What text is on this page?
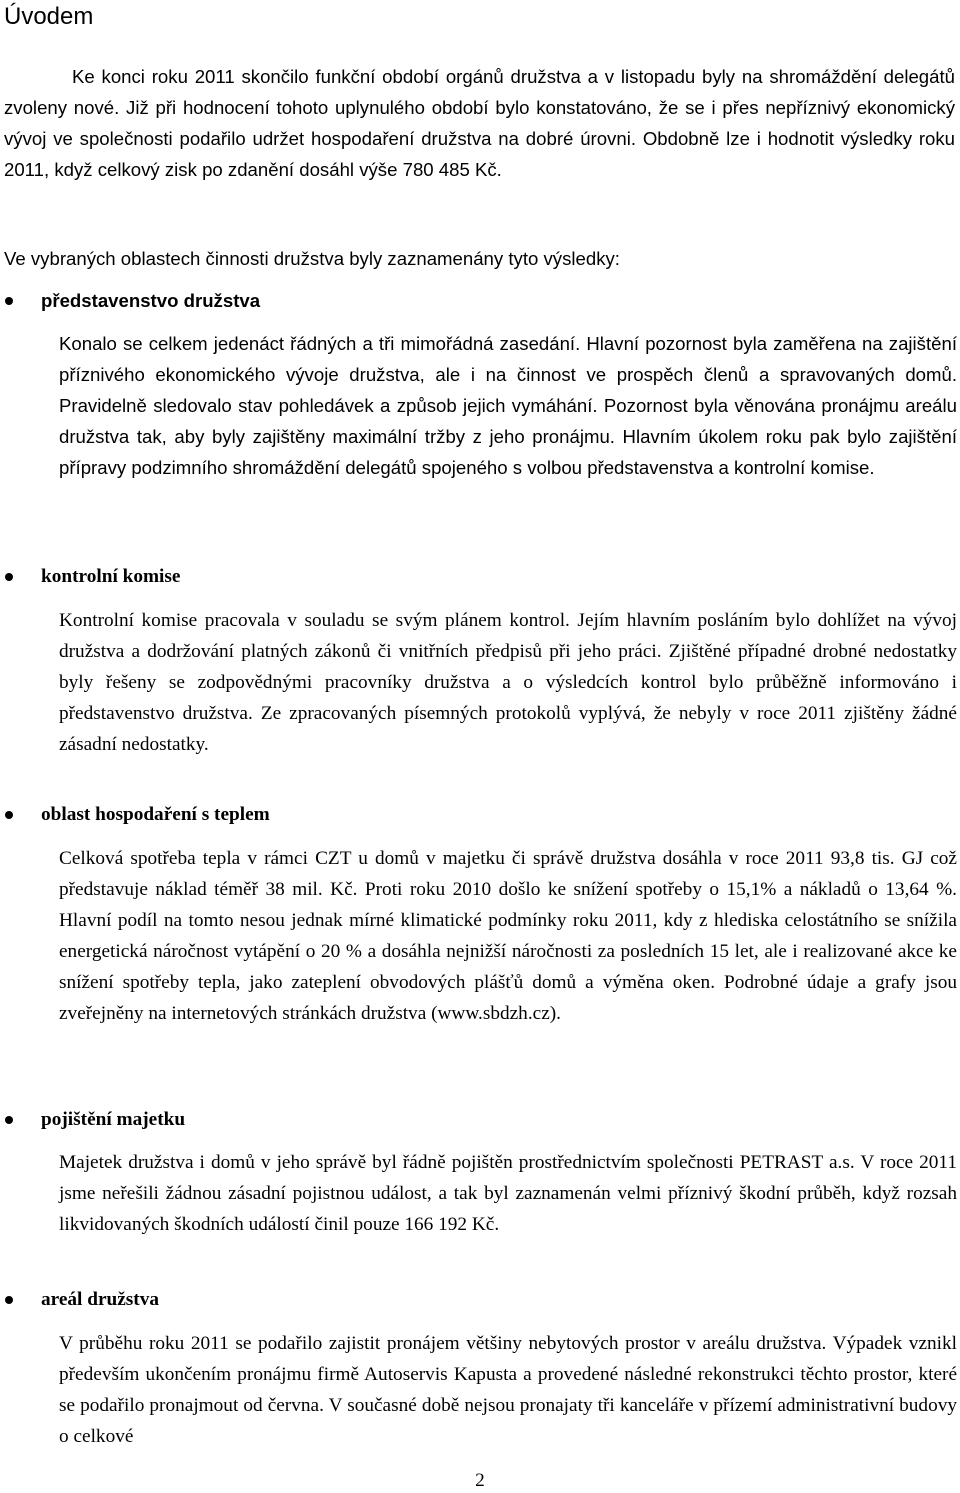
Úvodem

Ke konci roku 2011 skončilo funkční období orgánů družstva a v listopadu byly na shromáždění delegátů zvoleny nové. Již při hodnocení tohoto uplynulého období bylo konstatováno, že se i přes nepříznivý ekonomický vývoj ve společnosti podařilo udržet hospodaření družstva na dobré úrovni. Obdobně lze i hodnotit výsledky roku 2011, když celkový zisk po zdanění dosáhl výše 780 485 Kč.

Ve vybraných oblastech činnosti družstva byly zaznamenány tyto výsledky:

představenstvo družstva

Konalo se celkem jedenáct řádných a tři mimořádná zasedání. Hlavní pozornost byla zaměřena na zajištění příznivého ekonomického vývoje družstva, ale i na činnost ve prospěch členů a spravovaných domů. Pravidelně sledovalo stav pohledávek a způsob jejich vymáhání. Pozornost byla věnována pronájmu areálu družstva tak, aby byly zajištěny maximální tržby z jeho pronájmu. Hlavním úkolem roku pak bylo zajištění přípravy podzimního shromáždění delegátů spojeného s volbou představenstva a kontrolní komise.

kontrolní komise

Kontrolní komise pracovala v souladu se svým plánem kontrol. Jejím hlavním posláním bylo dohlížet na vývoj družstva a dodržování platných zákonů či vnitřních předpisů při jeho práci. Zjištěné případné drobné nedostatky byly řešeny se zodpovědnými pracovníky družstva a o výsledcích kontrol bylo průběžně informováno i představenstvo družstva. Ze zpracovaných písemných protokolů vyplývá, že nebyly v roce 2011 zjištěny žádné zásadní nedostatky.

oblast hospodaření s teplem

Celková spotřeba tepla v rámci CZT u domů v majetku či správě družstva dosáhla v roce 2011 93,8 tis. GJ což představuje náklad téměř 38 mil. Kč. Proti roku 2010 došlo ke snížení spotřeby o 15,1% a nákladů o 13,64 %. Hlavní podíl na tomto nesou jednak mírné klimatické podmínky roku 2011, kdy z hlediska celostátního se snížila energetická náročnost vytápění o 20 % a dosáhla nejnižší náročnosti za posledních 15 let, ale i realizované akce ke snížení spotřeby tepla, jako zateplení obvodových plášťů domů a výměna oken. Podrobné údaje a grafy jsou zveřejněny na internetových stránkách družstva (www.sbdzh.cz).

pojištění majetku

Majetek družstva i domů v jeho správě byl řádně pojištěn prostřednictvím společnosti PETRAST a.s. V roce 2011 jsme neřešili žádnou zásadní pojistnou událost, a tak byl zaznamenán velmi příznivý škodní průběh, když rozsah likvidovaných škodních událostí činil pouze 166 192 Kč.

areál družstva

V průběhu roku 2011 se podařilo zajistit pronájem většiny nebytových prostor v areálu družstva. Výpadek vznikl především ukončením pronájmu firmě Autoservis Kapusta a provedené následné rekonstrukci těchto prostor, které se podařilo pronajmout od června. V současné době nejsou pronajaty tři kanceláře v přízemí administrativní budovy o celkové

2
